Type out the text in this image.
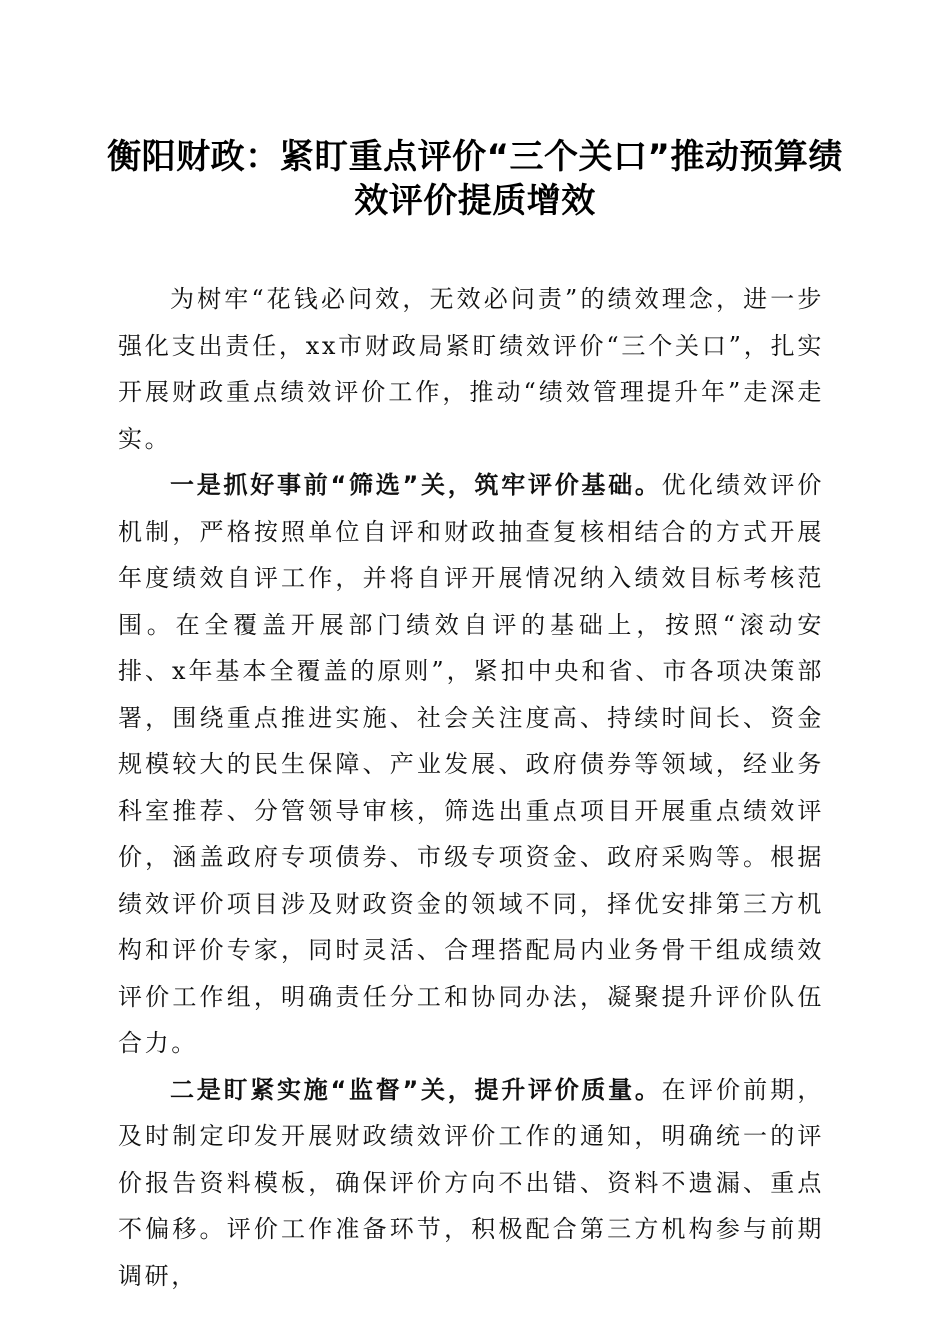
衡阳财政：紧盯重点评价“三个关口”推动预算绩效评价提质增效

为树牢“花钱必问效，无效必问责”的绩效理念，进一步强化支出责任，xx市财政局紧盯绩效评价“三个关口”，扎实开展财政重点绩效评价工作，推动“绩效管理提升年”走深走实。

一是抓好事前“筛选”关，筑牢评价基础。优化绩效评价机制，严格按照单位自评和财政抽查复核相结合的方式开展年度绩效自评工作，并将自评开展情况纳入绩效目标考核范围。在全覆盖开展部门绩效自评的基础上，按照“滚动安排、x年基本全覆盖的原则”，紧扣中央和省、市各项决策部署，围绕重点推进实施、社会关注度高、持续时间长、资金规模较大的民生保障、产业发展、政府债券等领域，经业务科室推荐、分管领导审核，筛选出重点项目开展重点绩效评价，涵盖政府专项债券、市级专项资金、政府采购等。根据绩效评价项目涉及财政资金的领域不同，择优安排第三方机构和评价专家，同时灵活、合理搭配局内业务骨干组成绩效评价工作组，明确责任分工和协同办法，凝聚提升评价队伍合力。

二是盯紧实施“监督”关，提升评价质量。在评价前期，及时制定印发开展财政绩效评价工作的通知，明确统一的评价报告资料模板，确保评价方向不出错、资料不遗漏、重点不偏移。评价工作准备环节，积极配合第三方机构参与前期调研，
